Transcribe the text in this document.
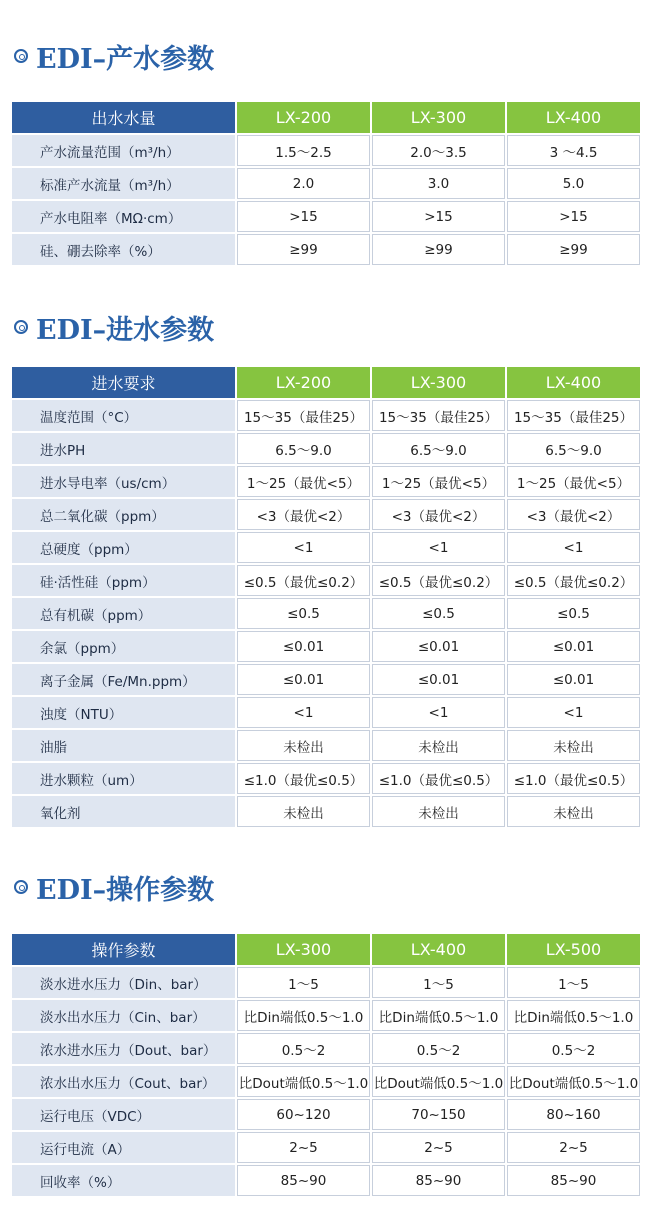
EDI–产水参数
出水水量	LX-200	LX-300	LX-400
产水流量范围（m³/h）	1.5～2.5	2.0～3.5	3 ～4.5
标准产水流量（m³/h）	2.0	3.0	5.0
产水电阻率（MΩ·cm）	>15	>15	>15
硅、硼去除率（%）	≥99	≥99	≥99
EDI–进水参数
进水要求	LX-200	LX-300	LX-400
温度范围（°C）	15～35（最佳25）	15～35（最佳25）	15～35（最佳25）
进水PH	6.5～9.0	6.5～9.0	6.5～9.0
进水导电率（us/cm）	1～25（最优<5）	1～25（最优<5）	1～25（最优<5）
总二氧化碳（ppm）	<3（最优<2）	<3（最优<2）	<3（最优<2）
总硬度（ppm）	<1	<1	<1
硅·活性硅（ppm）	≤0.5（最优≤0.2）	≤0.5（最优≤0.2）	≤0.5（最优≤0.2）
总有机碳（ppm）	≤0.5	≤0.5	≤0.5
余氯（ppm）	≤0.01	≤0.01	≤0.01
离子金属（Fe/Mn.ppm）	≤0.01	≤0.01	≤0.01
浊度（NTU）	<1	<1	<1
油脂	未检出	未检出	未检出
进水颗粒（um）	≤1.0（最优≤0.5）	≤1.0（最优≤0.5）	≤1.0（最优≤0.5）
氧化剂	未检出	未检出	未检出
EDI–操作参数
操作参数	LX-300	LX-400	LX-500
淡水进水压力（Din、bar）	1～5	1～5	1～5
淡水出水压力（Cin、bar）	比Din端低0.5～1.0	比Din端低0.5～1.0	比Din端低0.5～1.0
浓水进水压力（Dout、bar）	0.5～2	0.5～2	0.5～2
浓水出水压力（Cout、bar）	比Dout端低0.5～1.0	比Dout端低0.5～1.0	比Dout端低0.5～1.0
运行电压（VDC）	60~120	70~150	80~160
运行电流（A）	2~5	2~5	2~5
回收率（%）	85~90	85~90	85~90
